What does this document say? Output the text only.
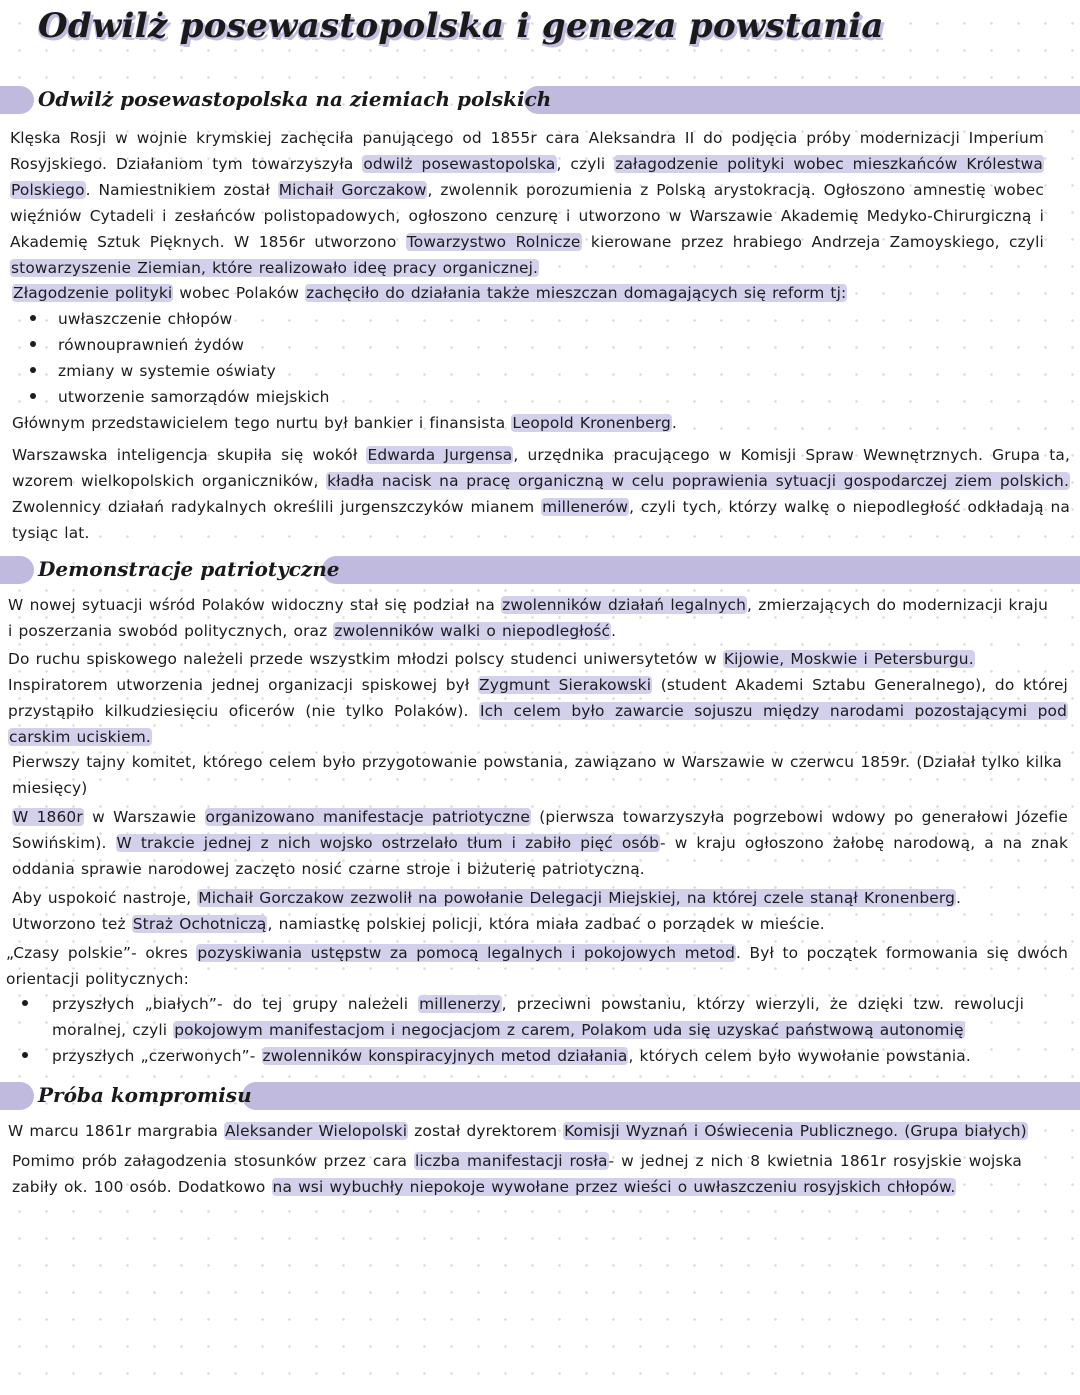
Odwilż posewastopolska i geneza powstania
Odwilż posewastopolska na ziemiach polskich

Klęska Rosji w wojnie krymskiej zachęciła panującego od 1855r cara Aleksandra II do podjęcia próby modernizacji Imperium Rosyjskiego. Działaniom tym towarzyszyła odwilż posewastopolska, czyli załagodzenie polityki wobec mieszkańców Królestwa Polskiego. Namiestnikiem został Michaił Gorczakow, zwolennik porozumienia z Polską arystokracją. Ogłoszono amnestię wobec więźniów Cytadeli i zesłańców polistopadowych, ogłoszono cenzurę i utworzono w Warszawie Akademię Medyko-Chirurgiczną i Akademię Sztuk Pięknych. W 1856r utworzono Towarzystwo Rolnicze kierowane przez hrabiego Andrzeja Zamoyskiego, czyli stowarzyszenie Ziemian, które realizowało ideę pracy organicznej.

Złagodzenie polityki wobec Polaków zachęciło do działania także mieszczan domagających się reform tj:

uwłaszczenie chłopów

równouprawnień żydów

zmiany w systemie oświaty

utworzenie samorządów miejskich

Głównym przedstawicielem tego nurtu był bankier i finansista Leopold Kronenberg.

Warszawska inteligencja skupiła się wokół Edwarda Jurgensa, urzędnika pracującego w Komisji Spraw Wewnętrznych. Grupa ta, wzorem wielkopolskich organiczników, kładła nacisk na pracę organiczną w celu poprawienia sytuacji gospodarczej ziem polskich. Zwolennicy działań radykalnych określili jurgenszczyków mianem millenerów, czyli tych, którzy walkę o niepodległość odkładają na tysiąc lat.

Demonstracje patriotyczne

W nowej sytuacji wśród Polaków widoczny stał się podział na zwolenników działań legalnych, zmierzających do modernizacji kraju i poszerzania swobód politycznych, oraz zwolenników walki o niepodległość.

Do ruchu spiskowego należeli przede wszystkim młodzi polscy studenci uniwersytetów w Kijowie, Moskwie i Petersburgu.

Inspiratorem utworzenia jednej organizacji spiskowej był Zygmunt Sierakowski (student Akademi Sztabu Generalnego), do której przystąpiło kilkudziesięciu oficerów (nie tylko Polaków). Ich celem było zawarcie sojuszu między narodami pozostającymi pod carskim uciskiem.

Pierwszy tajny komitet, którego celem było przygotowanie powstania, zawiązano w Warszawie w czerwcu 1859r. (Działał tylko kilka miesięcy)

W 1860r w Warszawie organizowano manifestacje patriotyczne (pierwsza towarzyszyła pogrzebowi wdowy po generałowi Józefie Sowińskim). W trakcie jednej z nich wojsko ostrzelało tłum i zabiło pięć osób- w kraju ogłoszono żałobę narodową, a na znak oddania sprawie narodowej zaczęto nosić czarne stroje i biżuterię patriotyczną.

Aby uspokoić nastroje, Michaił Gorczakow zezwolił na powołanie Delegacji Miejskiej, na której czele stanął Kronenberg.

Utworzono też Straż Ochotniczą, namiastkę polskiej policji, która miała zadbać o porządek w mieście.

„Czasy polskie”- okres pozyskiwania ustępstw za pomocą legalnych i pokojowych metod. Był to początek formowania się dwóch orientacji politycznych:

przyszłych „białych”- do tej grupy należeli millenerzy, przeciwni powstaniu, którzy wierzyli, że dzięki tzw. rewolucji moralnej, czyli pokojowym manifestacjom i negocjacjom z carem, Polakom uda się uzyskać państwową autonomię

przyszłych „czerwonych”- zwolenników konspiracyjnych metod działania, których celem było wywołanie powstania.

Próba kompromisu

W marcu 1861r margrabia Aleksander Wielopolski został dyrektorem Komisji Wyznań i Oświecenia Publicznego. (Grupa białych)

Pomimo prób załagodzenia stosunków przez cara liczba manifestacji rosła- w jednej z nich 8 kwietnia 1861r rosyjskie wojska zabiły ok. 100 osób. Dodatkowo na wsi wybuchły niepokoje wywołane przez wieści o uwłaszczeniu rosyjskich chłopów.
